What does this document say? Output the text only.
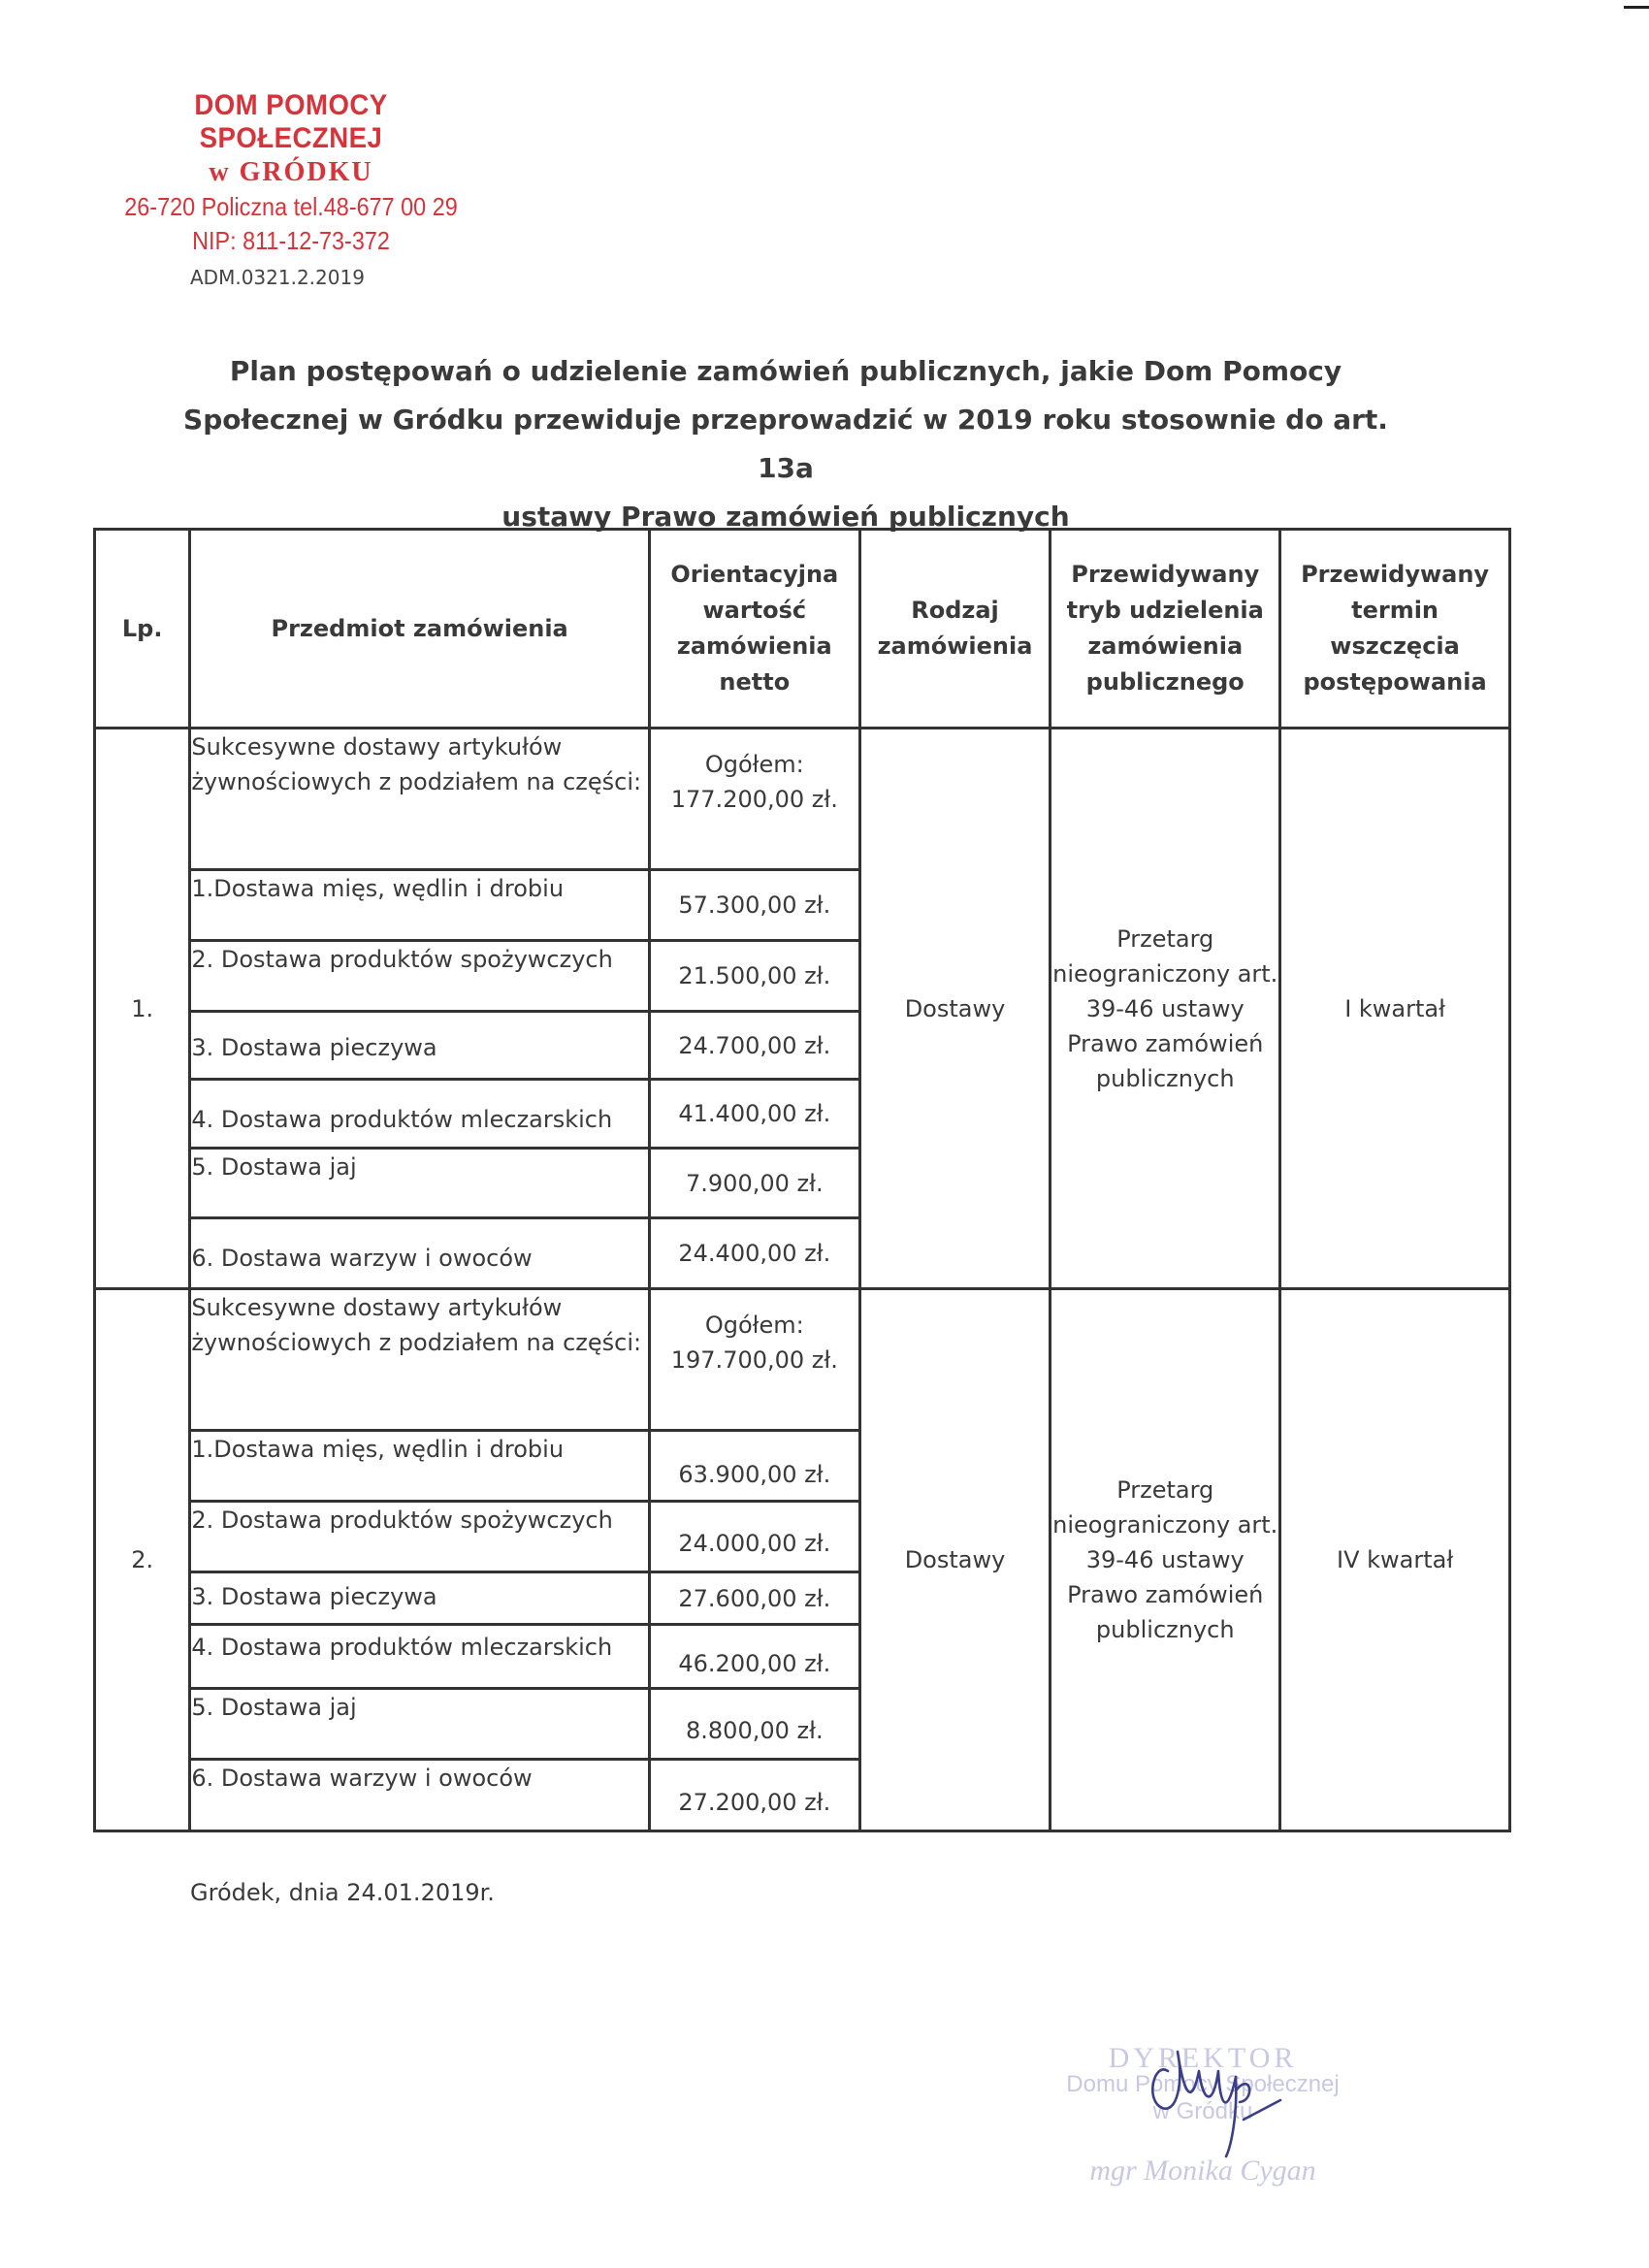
DOM POMOCY SPOŁECZNEJ
w GRÓDKU
26-720 Policzna tel.48-677 00 29
NIP: 811-12-73-372
ADM.0321.2.2019
Plan postępowań o udzielenie zamówień publicznych, jakie Dom Pomocy
Społecznej w Gródku przewiduje przeprowadzić w 2019 roku stosownie do art. 13a
ustawy Prawo zamówień publicznych
Lp.	Przedmiot zamówienia	Orientacyjna wartość zamówienia netto	Rodzaj zamówienia	Przewidywany tryb udzielenia zamówienia publicznego	Przewidywany termin wszczęcia postępowania
1.	Sukcesywne dostawy artykułów żywnościowych z podziałem na części:	Ogółem: 177.200,00 zł.	Dostawy	Przetarg nieograniczony art. 39-46 ustawy Prawo zamówień publicznych	I kwartał
	1.Dostawa mięs, wędlin i drobiu	57.300,00 zł.			
	2. Dostawa produktów spożywczych	21.500,00 zł.			
	3. Dostawa pieczywa	24.700,00 zł.			
	4. Dostawa produktów mleczarskich	41.400,00 zł.			
	5. Dostawa jaj	7.900,00 zł.			
	6. Dostawa warzyw i owoców	24.400,00 zł.			
2.	Sukcesywne dostawy artykułów żywnościowych z podziałem na części:	Ogółem: 197.700,00 zł.	Dostawy	Przetarg nieograniczony art. 39-46 ustawy Prawo zamówień publicznych	IV kwartał
	1.Dostawa mięs, wędlin i drobiu	63.900,00 zł.			
	2. Dostawa produktów spożywczych	24.000,00 zł.			
	3. Dostawa pieczywa	27.600,00 zł.			
	4. Dostawa produktów mleczarskich	46.200,00 zł.			
	5. Dostawa jaj	8.800,00 zł.			
	6. Dostawa warzyw i owoców	27.200,00 zł.			
Gródek, dnia 24.01.2019r.
DYREKTOR
Domu Pomocy Społecznej
w Gródku
mgr Monika Cygan
